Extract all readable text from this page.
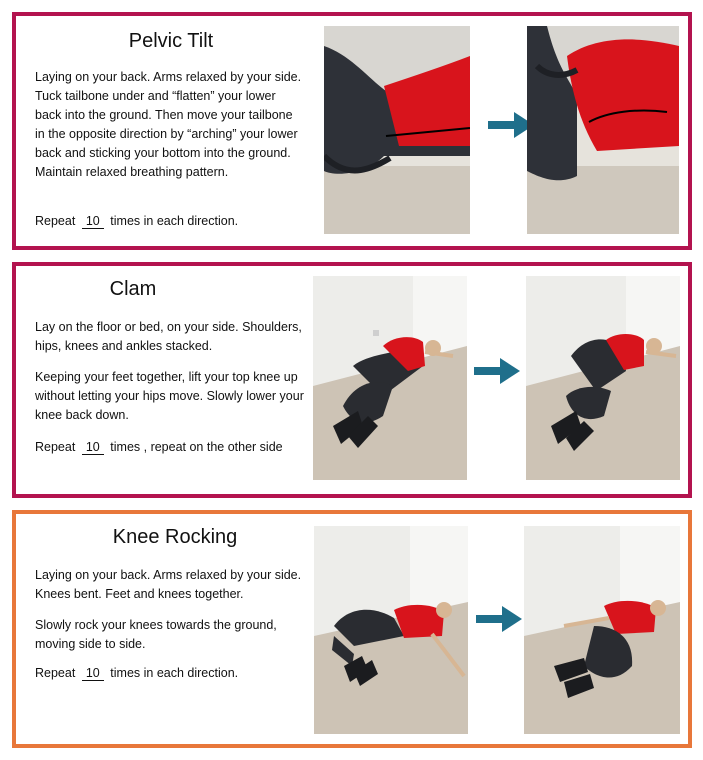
Pelvic Tilt
Laying on your back. Arms relaxed by your side. Tuck tailbone under and “flatten” your lower back into the ground. Then move your tailbone in the opposite direction by “arching” your lower back and sticking your bottom into the ground. Maintain relaxed breathing pattern.
Repeat 10 times in each direction.
Clam
Lay on the floor or bed, on your side. Shoulders, hips, knees and ankles stacked.
Keeping your feet together, lift your top knee up without letting your hips move. Slowly lower your knee back down.
Repeat 10 times , repeat on the other side
Knee Rocking
Laying on your back. Arms relaxed by your side. Knees bent. Feet and knees together.
Slowly rock your knees towards the ground, moving side to side.
Repeat 10 times in each direction.
